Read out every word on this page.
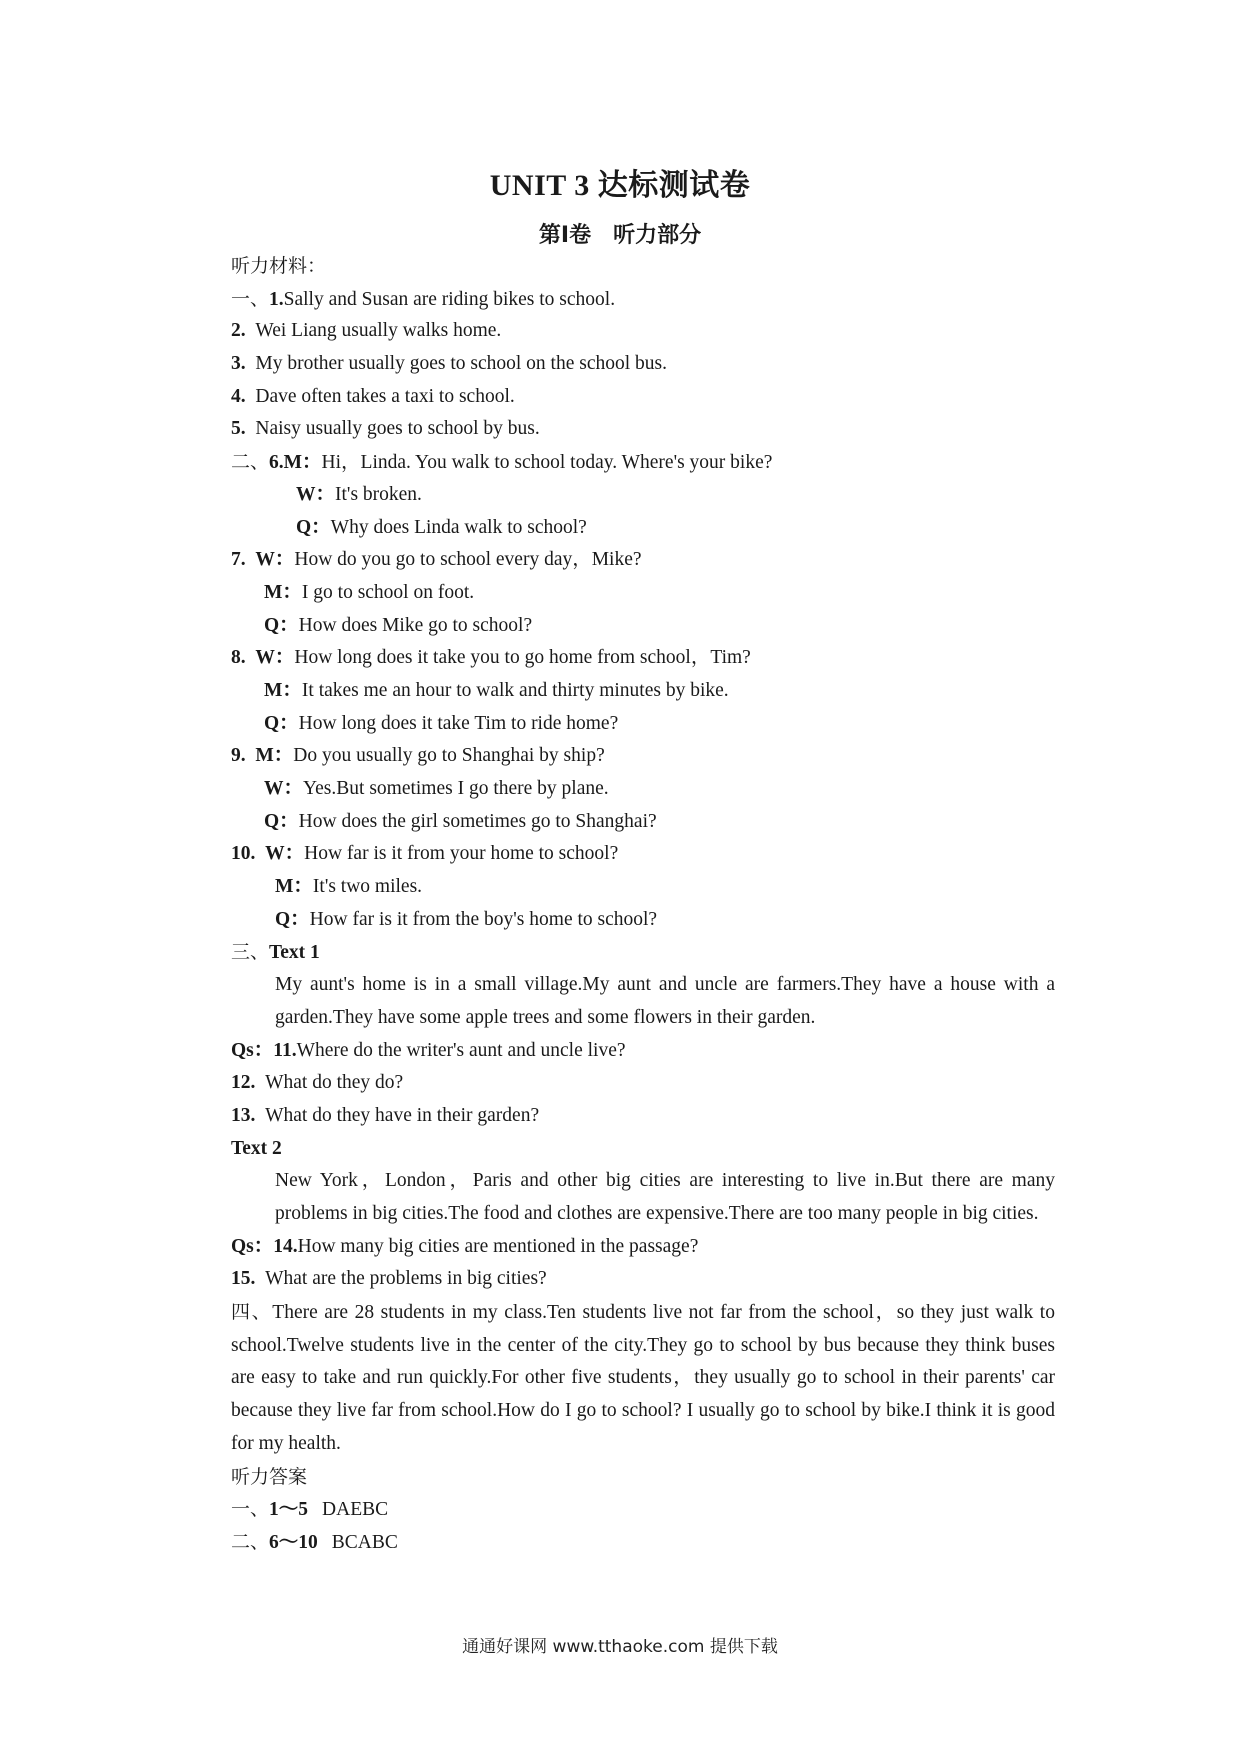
UNIT 3 达标测试卷
第Ⅰ卷 听力部分
听力材料：
一、1.Sally and Susan are riding bikes to school.
2. Wei Liang usually walks home.
3. My brother usually goes to school on the school bus.
4. Dave often takes a taxi to school.
5. Naisy usually goes to school by bus.
二、6.M：Hi，Linda. You walk to school today. Where's your bike?
W：It's broken.
Q：Why does Linda walk to school?
7. W：How do you go to school every day，Mike?
M：I go to school on foot.
Q：How does Mike go to school?
8. W：How long does it take you to go home from school，Tim?
M：It takes me an hour to walk and thirty minutes by bike.
Q：How long does it take Tim to ride home?
9. M：Do you usually go to Shanghai by ship?
W：Yes.But sometimes I go there by plane.
Q：How does the girl sometimes go to Shanghai?
10. W：How far is it from your home to school?
M：It's two miles.
Q：How far is it from the boy's home to school?
三、Text 1
My aunt's home is in a small village.My aunt and uncle are farmers.They have a house with a garden.They have some apple trees and some flowers in their garden.
Qs：11.Where do the writer's aunt and uncle live?
12. What do they do?
13. What do they have in their garden?
Text 2
New York，London，Paris and other big cities are interesting to live in.But there are many problems in big cities.The food and clothes are expensive.There are too many people in big cities.
Qs：14.How many big cities are mentioned in the passage?
15. What are the problems in big cities?
四、There are 28 students in my class.Ten students live not far from the school，so they just walk to school.Twelve students live in the center of the city.They go to school by bus because they think buses are easy to take and run quickly.For other five students，they usually go to school in their parents' car because they live far from school.How do I go to school? I usually go to school by bike.I think it is good for my health.
听力答案
一、1～5 DAEBC
二、6～10 BCABC
通通好课网 www.tthaoke.com 提供下载
